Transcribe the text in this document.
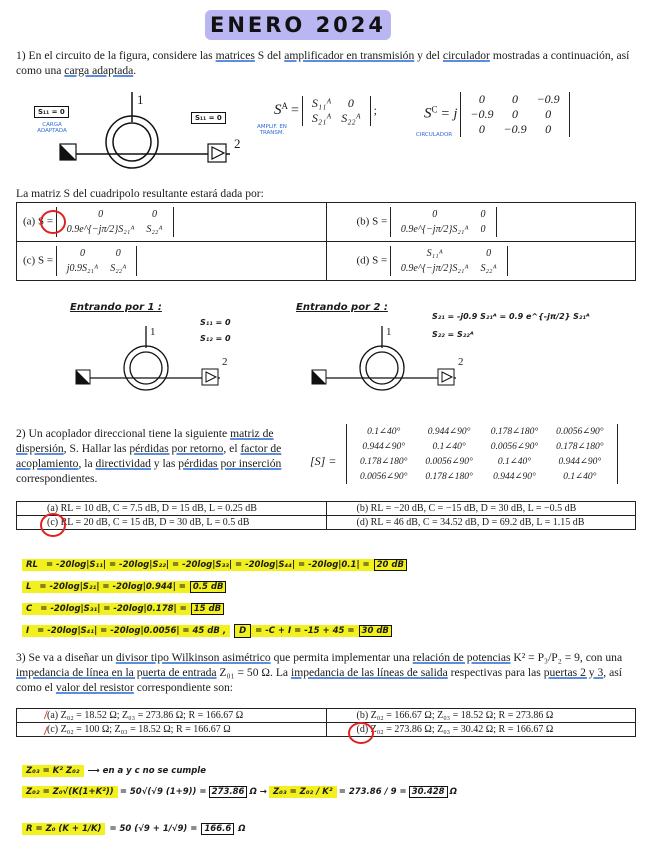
ENERO 2024
1) En el circuito de la figura, considere las matrices S del amplificador en transmisión y del circulador mostradas a continuación, así como una carga adaptada.
1
2
S₁₁ = 0
S₁₁ = 0
CARGA ADAPTADA
AMPLIF. EN TRANSM.	CIRCULADOR
$S^A$ = S₁₁ᴬ	0
S₂₁ᴬ	S₂₂ᴬ
;	$S^C = j$
0	0	−0.9
−0.9	0	0
0	−0.9	0
La matriz S del cuadripolo resultante estará dada por:
(a) S =
0	0
0.9e^{−jπ/2}S₂₁ᴬ	S₂₂ᴬ
	(b) S =
0	0
0.9e^{−jπ/2}S₂₁ᴬ	0

(c) S =
0	0
j0.9S₂₁ᴬ	S₂₂ᴬ
	(d) S =
S₁₁ᴬ	0
0.9e^{−jπ/2}S₂₁ᴬ	S₂₂ᴬ
Entrando por 1 :
S₁₁ = 0
S₁₂ = 0
Entrando por 2 :
S₂₁ = -j0.9 S₂₁ᴬ = 0.9 e^{-jπ/2} S₂₁ᴬ
S₂₂ = S₂₂ᴬ
1
2
1
2
2) Un acoplador direccional tiene la siguiente matriz de
dispersión, S. Hallar las pérdidas por retorno, el factor de
acoplamiento, la directividad y las pérdidas por inserción
correspondientes.
[S] =
0.1∠40°	0.944∠90°	0.178∠180°	0.0056∠90°
0.944∠90°	0.1∠40°	0.0056∠90°	0.178∠180°
0.178∠180°	0.0056∠90°	0.1∠40°	0.944∠90°
0.0056∠90°	0.178∠180°	0.944∠90°	0.1∠40°
(a) RL = 10 dB, C = 7.5 dB, D = 15 dB, L = 0.25 dB	(b) RL = −20 dB, C = −15 dB, D = 30 dB, L = −0.5 dB
(c) RL = 20 dB, C = 15 dB, D = 30 dB, L = 0.5 dB	(d) RL = 46 dB, C = 34.52 dB, D = 69.2 dB, L = 1.15 dB
RL = -20log|S₁₁| = -20log|S₂₂| = -20log|S₃₃| = -20log|S₄₄| = -20log|0.1| = 20 dB
L = -20log|S₂₁| = -20log|0.944| = 0.5 dB
C = -20log|S₃₁| = -20log|0.178| = 15 dB
I = -20log|S₄₁| = -20log|0.0056| = 45 dB , D = -C + I = -15 + 45 = 30 dB
3) Se va a diseñar un divisor tipo Wilkinson asimétrico que permita implementar una relación de potencias K² = P₃/P₂ = 9, con una impedancia de línea en la puerta de entrada Z₀₁ = 50 Ω. La impedancia de las líneas de salida respectivas para las puertas 2 y 3, así como el valor del resistor correspondiente son:
(a) Z₀₂ = 18.52 Ω; Z₀₃ = 273.86 Ω; R = 166.67 Ω	(b) Z₀₂ = 166.67 Ω; Z₀₃ = 18.52 Ω; R = 273.86 Ω
(c) Z₀₂ = 100 Ω; Z₀₃ = 18.52 Ω; R = 166.67 Ω	(d) Z₀₂ = 273.86 Ω; Z₀₃ = 30.42 Ω; R = 166.67 Ω
/
/
Z₀₃ = K² Z₀₂ ⟶ en a y c no se cumple
Z₀₂ = Z₀√(K(1+K²)) = 50√(√9 (1+9)) = 273.86 Ω → Z₀₃ = Z₀₂ / K² = 273.86 / 9 = 30.428 Ω
R = Z₀ (K + 1/K) = 50 (√9 + 1/√9) = 166.6 Ω
